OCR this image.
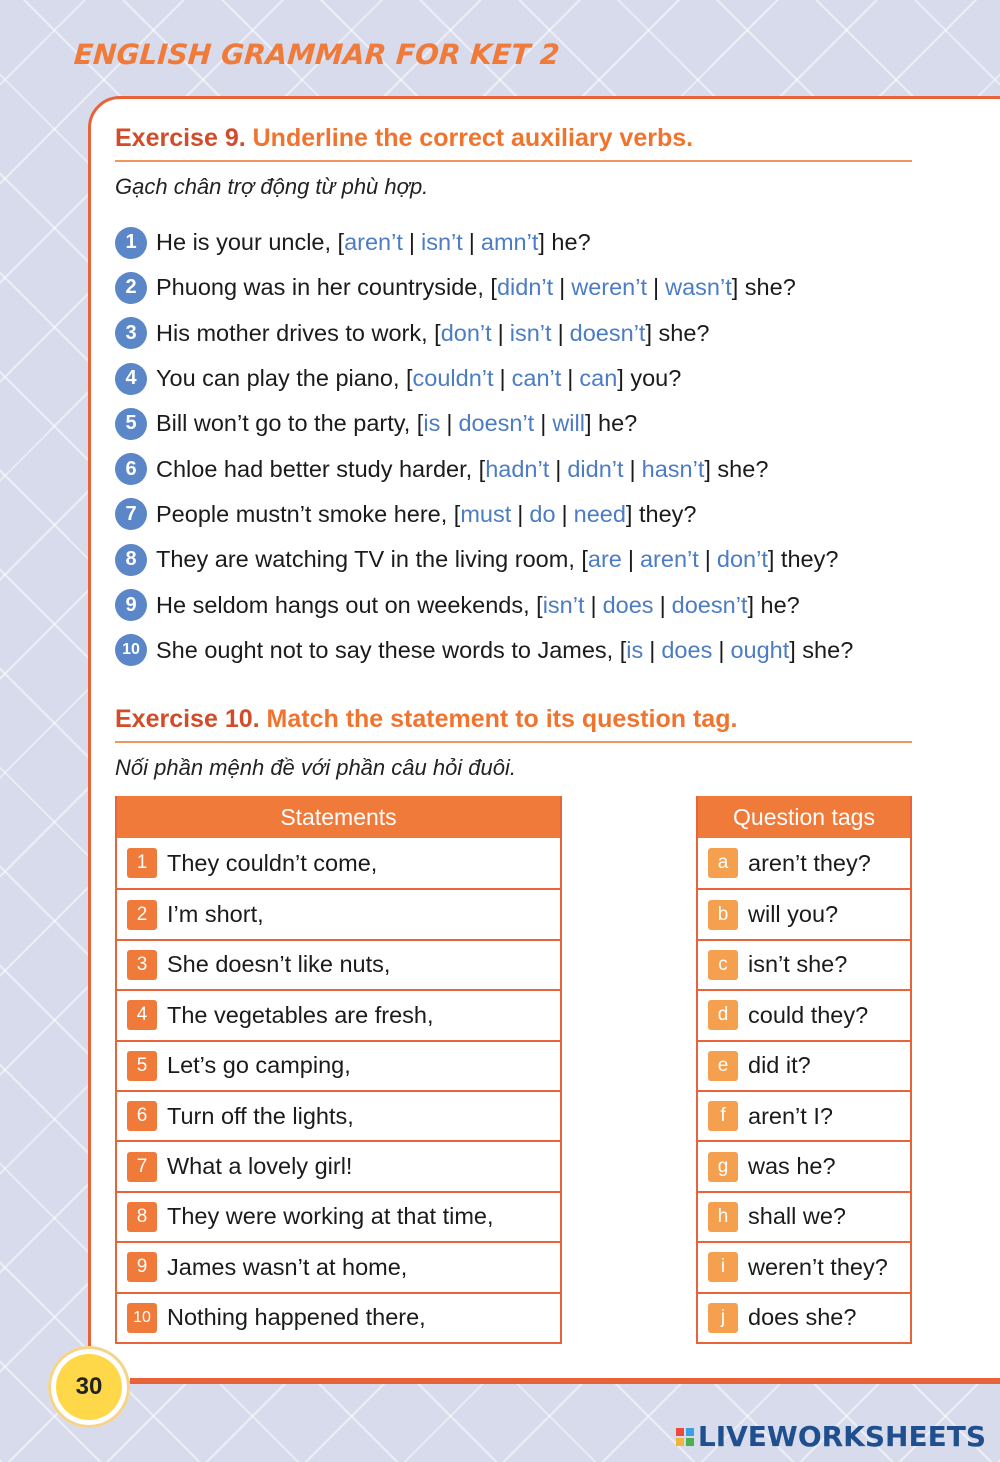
ENGLISH GRAMMAR FOR KET 2
Exercise 9. Underline the correct auxiliary verbs.
Gạch chân trợ động từ phù hợp.
1 He is your uncle, [ aren’t | isn’t | amn’t ] he?
2 Phuong was in her countryside, [ didn’t | weren’t | wasn’t ] she?
3 His mother drives to work, [ don’t | isn’t | doesn’t ] she?
4 You can play the piano, [ couldn’t | can’t | can ] you?
5 Bill won’t go to the party, [ is | doesn’t | will ] he?
6 Chloe had better study harder, [ hadn’t | didn’t | hasn’t ] she?
7 People mustn’t smoke here, [ must | do | need ] they?
8 They are watching TV in the living room, [ are | aren’t | don’t ] they?
9 He seldom hangs out on weekends, [ isn’t | does | doesn’t ] he?
10 She ought not to say these words to James, [ is | does | ought ] she?
Exercise 10. Match the statement to its question tag.
Nối phần mệnh đề với phần câu hỏi đuôi.
Statements
1 They couldn’t come,
2 I’m short,
3 She doesn’t like nuts,
4 The vegetables are fresh,
5 Let’s go camping,
6 Turn off the lights,
7 What a lovely girl!
8 They were working at that time,
9 James wasn’t at home,
10 Nothing happened there,
Question tags
a aren’t they?
b will you?
c isn’t she?
d could they?
e did it?
f aren’t I?
g was he?
h shall we?
i weren’t they?
j does she?
30
LIVEWORKSHEETS
